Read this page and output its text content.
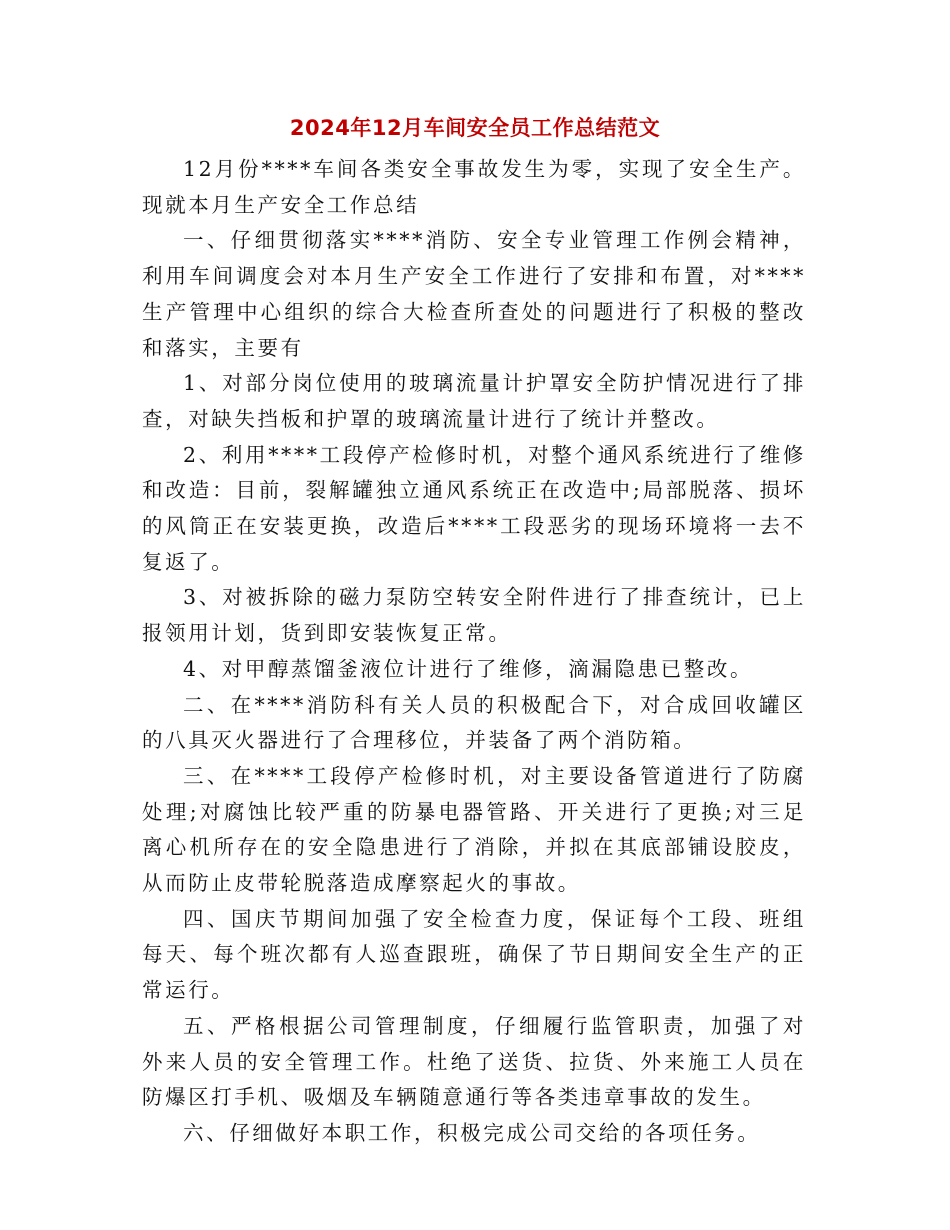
2024年12月车间安全员工作总结范文

12月份****车间各类安全事故发生为零，实现了安全生产。现就本月生产安全工作总结

一、仔细贯彻落实****消防、安全专业管理工作例会精神，利用车间调度会对本月生产安全工作进行了安排和布置，对****生产管理中心组织的综合大检查所查处的问题进行了积极的整改和落实，主要有

1、对部分岗位使用的玻璃流量计护罩安全防护情况进行了排查，对缺失挡板和护罩的玻璃流量计进行了统计并整改。

2、利用****工段停产检修时机，对整个通风系统进行了维修和改造：目前，裂解罐独立通风系统正在改造中;局部脱落、损坏的风筒正在安装更换，改造后****工段恶劣的现场环境将一去不复返了。

3、对被拆除的磁力泵防空转安全附件进行了排查统计，已上报领用计划，货到即安装恢复正常。

4、对甲醇蒸馏釜液位计进行了维修，滴漏隐患已整改。

二、在****消防科有关人员的积极配合下，对合成回收罐区的八具灭火器进行了合理移位，并装备了两个消防箱。

三、在****工段停产检修时机，对主要设备管道进行了防腐处理;对腐蚀比较严重的防暴电器管路、开关进行了更换;对三足离心机所存在的安全隐患进行了消除，并拟在其底部铺设胶皮，从而防止皮带轮脱落造成摩察起火的事故。

四、国庆节期间加强了安全检查力度，保证每个工段、班组每天、每个班次都有人巡查跟班，确保了节日期间安全生产的正常运行。

五、严格根据公司管理制度，仔细履行监管职责，加强了对外来人员的安全管理工作。杜绝了送货、拉货、外来施工人员在防爆区打手机、吸烟及车辆随意通行等各类违章事故的发生。

六、仔细做好本职工作，积极完成公司交给的各项任务。
